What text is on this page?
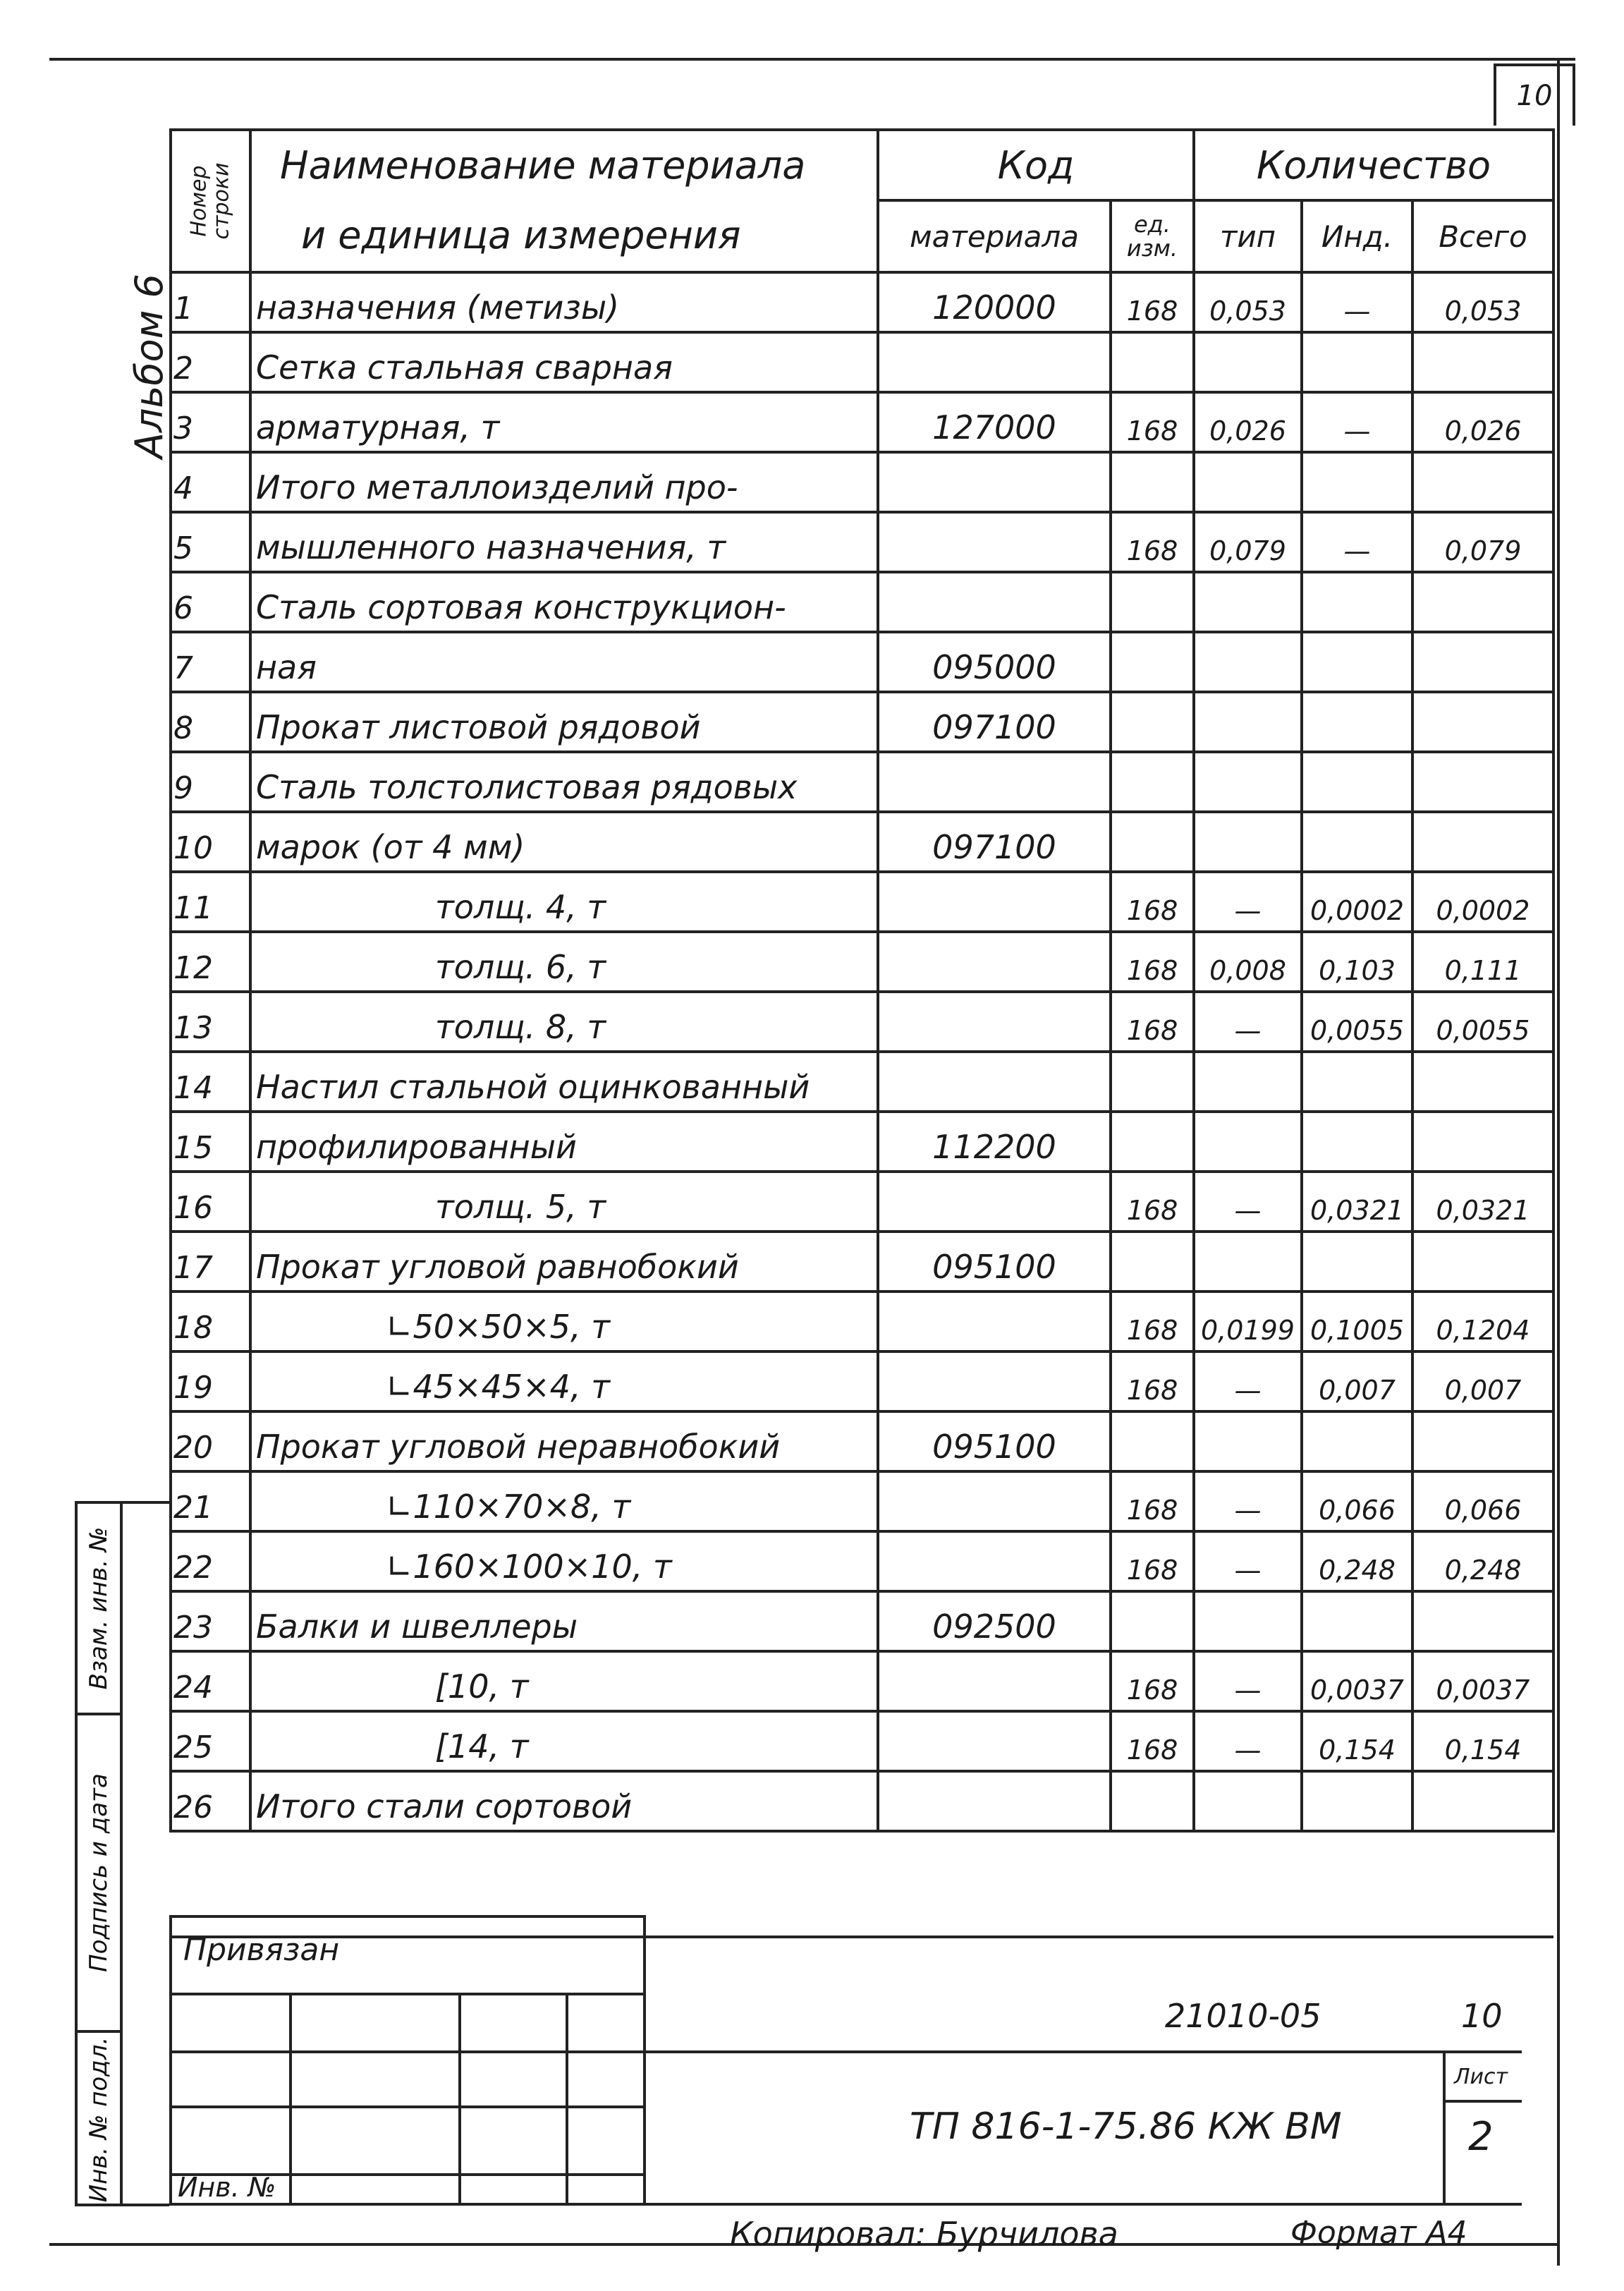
10
Альбом 6
Номер строки	Наименование материала	Код		Количество		
	и единица измерения	материала	ед. изм.	тип	Инд.	Всего
1	назначения (метизы)	120000	168	0,053	—	0,053
2	Сетка стальная сварная					
3	арматурная, т	127000	168	0,026	—	0,026
4	Итого металлоизделий про-					
5	мышленного назначения, т		168	0,079	—	0,079
6	Сталь сортовая конструкцион-					
7	ная	095000				
8	Прокат листовой рядовой	097100				
9	Сталь толстолистовая рядовых					
10	марок (от 4 мм)	097100				
11	толщ. 4, т		168	—	0,0002	0,0002
12	толщ. 6, т		168	0,008	0,103	0,111
13	толщ. 8, т		168	—	0,0055	0,0055
14	Настил стальной оцинкованный					
15	профилированный	112200				
16	толщ. 5, т		168	—	0,0321	0,0321
17	Прокат угловой равнобокий	095100				
18	∟50×50×5, т		168	0,0199	0,1005	0,1204
19	∟45×45×4, т		168	—	0,007	0,007
20	Прокат угловой неравнобокий	095100				
21	∟110×70×8, т		168	—	0,066	0,066
22	∟160×100×10, т		168	—	0,248	0,248
23	Балки и швеллеры	092500				
24	[10, т		168	—	0,0037	0,0037
25	[14, т		168	—	0,154	0,154
26	Итого стали сортовой					

Взам. инв. №
Подпись и дата
Инв. № подл.
Привязан
Инв. №
21010-05	10
ТП 816-1-75.86 КЖ ВМ
Лист
2
Копировал: Бурчилова	Формат А4
